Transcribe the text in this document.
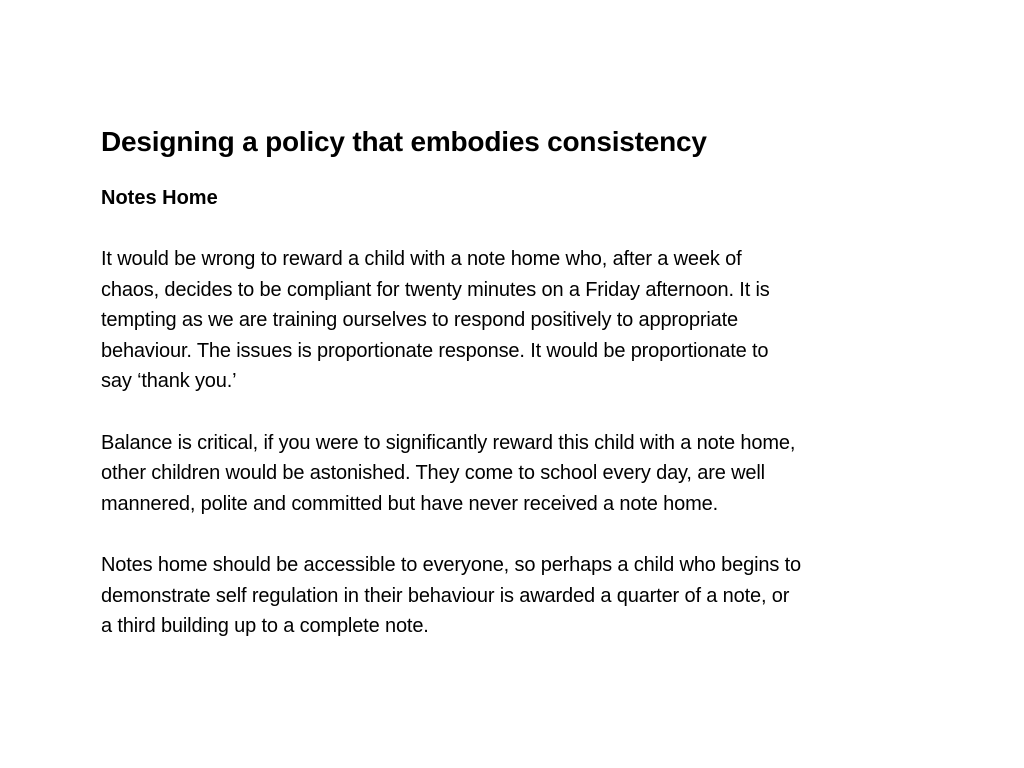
Designing a policy that embodies consistency
Notes Home

It would be wrong to reward a child with a note home who, after a week of
chaos, decides to be compliant for twenty minutes on a Friday afternoon. It is
tempting as we are training ourselves to respond positively to appropriate
behaviour. The issues is proportionate response. It would be proportionate to
say ‘thank you.’

Balance is critical, if you were to significantly reward this child with a note home,
other children would be astonished. They come to school every day, are well
mannered, polite and committed but have never received a note home.

Notes home should be accessible to everyone, so perhaps a child who begins to
demonstrate self regulation in their behaviour is awarded a quarter of a note, or
a third building up to a complete note.
